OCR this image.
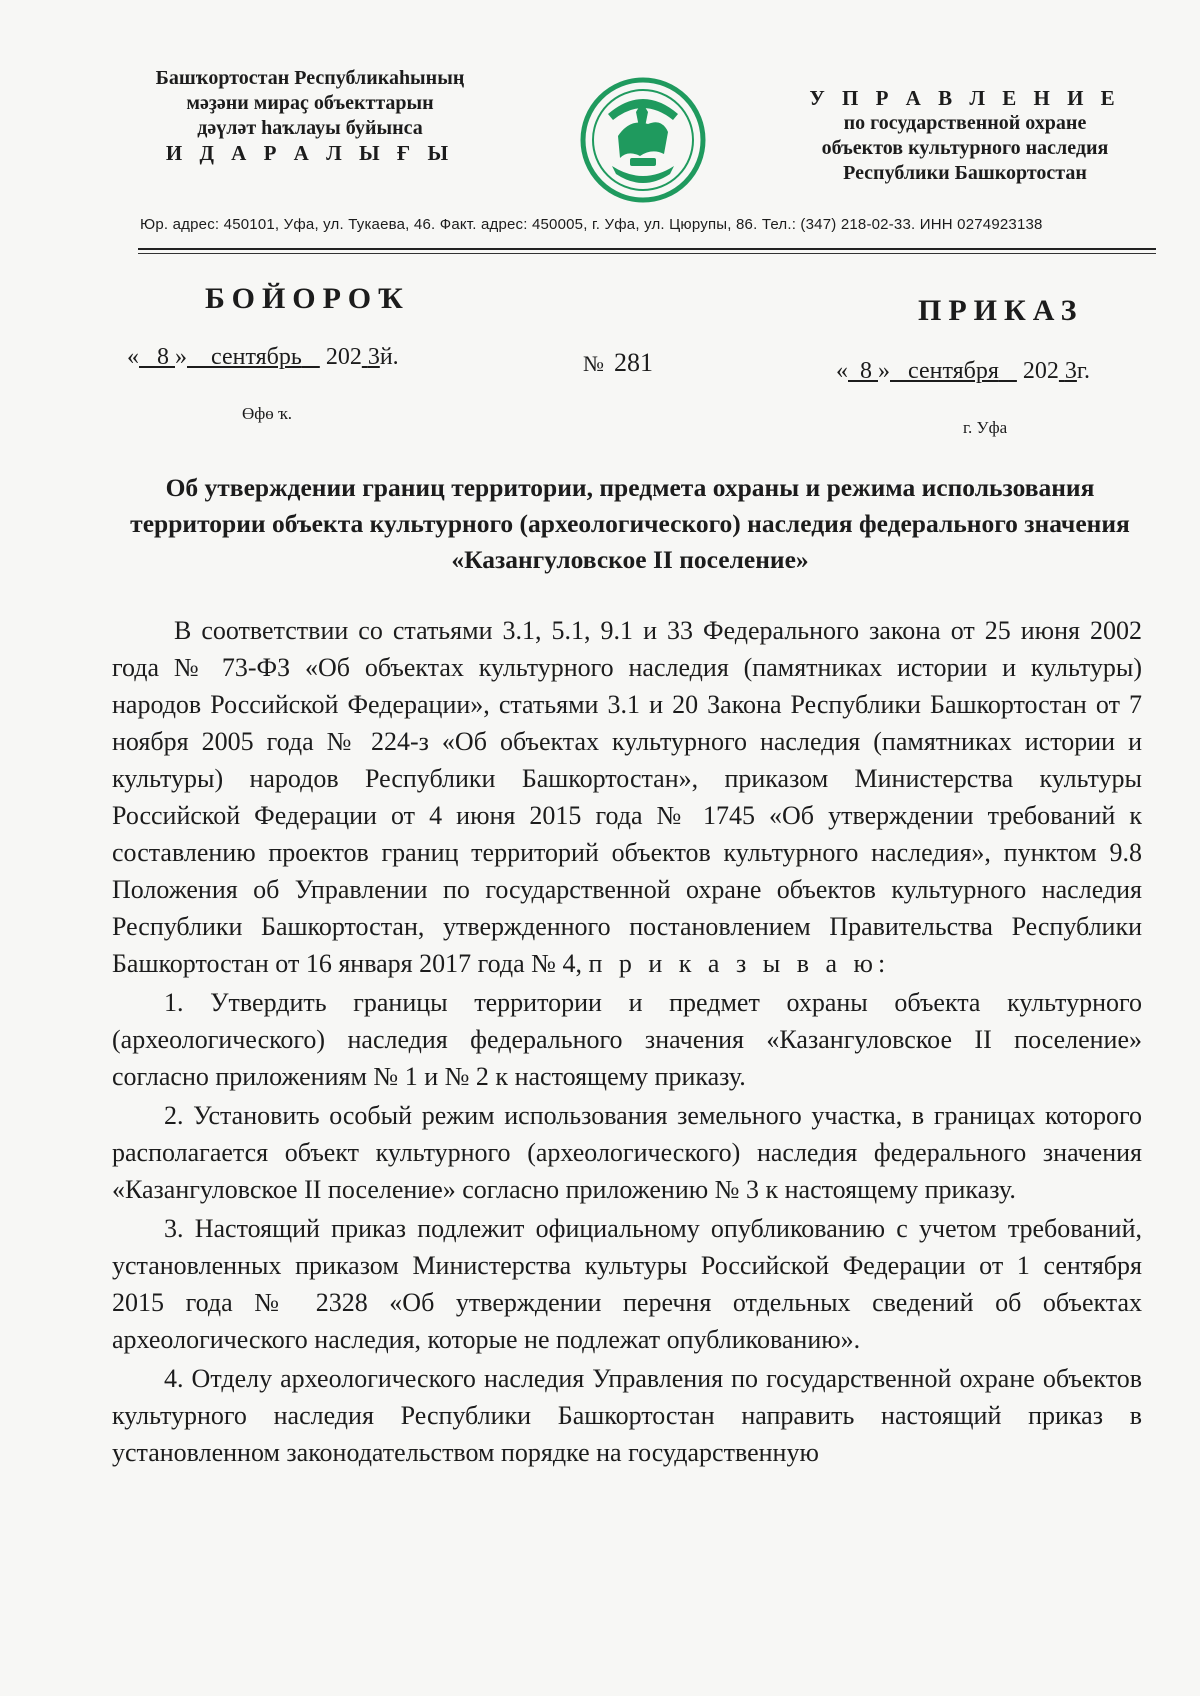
Башҡортостан Республикаһының
мәҙәни мираҫ объекттарын
дәүләт һаҡлауы буйынса
И Д А Р А Л Ы Ғ Ы
У П Р А В Л Е Н И Е
по государственной охране
объектов культурного наследия
Республики Башкортостан
Юр. адрес: 450101, Уфа, ул. Тукаева, 46. Факт. адрес: 450005, г. Уфа, ул. Цюрупы, 86. Тел.: (347) 218-02-33. ИНН 0274923138
БОЙОРОҠ	ПРИКАЗ
« 8 » сентябрь 202 3й.	№ 281	« 8 » сентября 202 3г.
Өфө ҡ.
г. Уфа
Об утверждении границ территории, предмета охраны и режима использования территории объекта культурного (археологического) наследия федерального значения «Казангуловское II поселение»

В соответствии со статьями 3.1, 5.1, 9.1 и 33 Федерального закона от 25 июня 2002 года № 73-ФЗ «Об объектах культурного наследия (памятниках истории и культуры) народов Российской Федерации», статьями 3.1 и 20 Закона Республики Башкортостан от 7 ноября 2005 года № 224-з «Об объектах культурного наследия (памятниках истории и культуры) народов Республики Башкортостан», приказом Министерства культуры Российской Федерации от 4 июня 2015 года № 1745 «Об утверждении требований к составлению проектов границ территорий объектов культурного наследия», пунктом 9.8 Положения об Управлении по государственной охране объектов культурного наследия Республики Башкортостан, утвержденного постановлением Правительства Республики Башкортостан от 16 января 2017 года № 4, п р и к а з ы в а ю:

1. Утвердить границы территории и предмет охраны объекта культурного (археологического) наследия федерального значения «Казангуловское II поселение» согласно приложениям № 1 и № 2 к настоящему приказу.

2. Установить особый режим использования земельного участка, в границах которого располагается объект культурного (археологического) наследия федерального значения «Казангуловское II поселение» согласно приложению № 3 к настоящему приказу.

3. Настоящий приказ подлежит официальному опубликованию с учетом требований, установленных приказом Министерства культуры Российской Федерации от 1 сентября 2015 года № 2328 «Об утверждении перечня отдельных сведений об объектах археологического наследия, которые не подлежат опубликованию».

4. Отделу археологического наследия Управления по государственной охране объектов культурного наследия Республики Башкортостан направить настоящий приказ в установленном законодательством порядке на государственную
